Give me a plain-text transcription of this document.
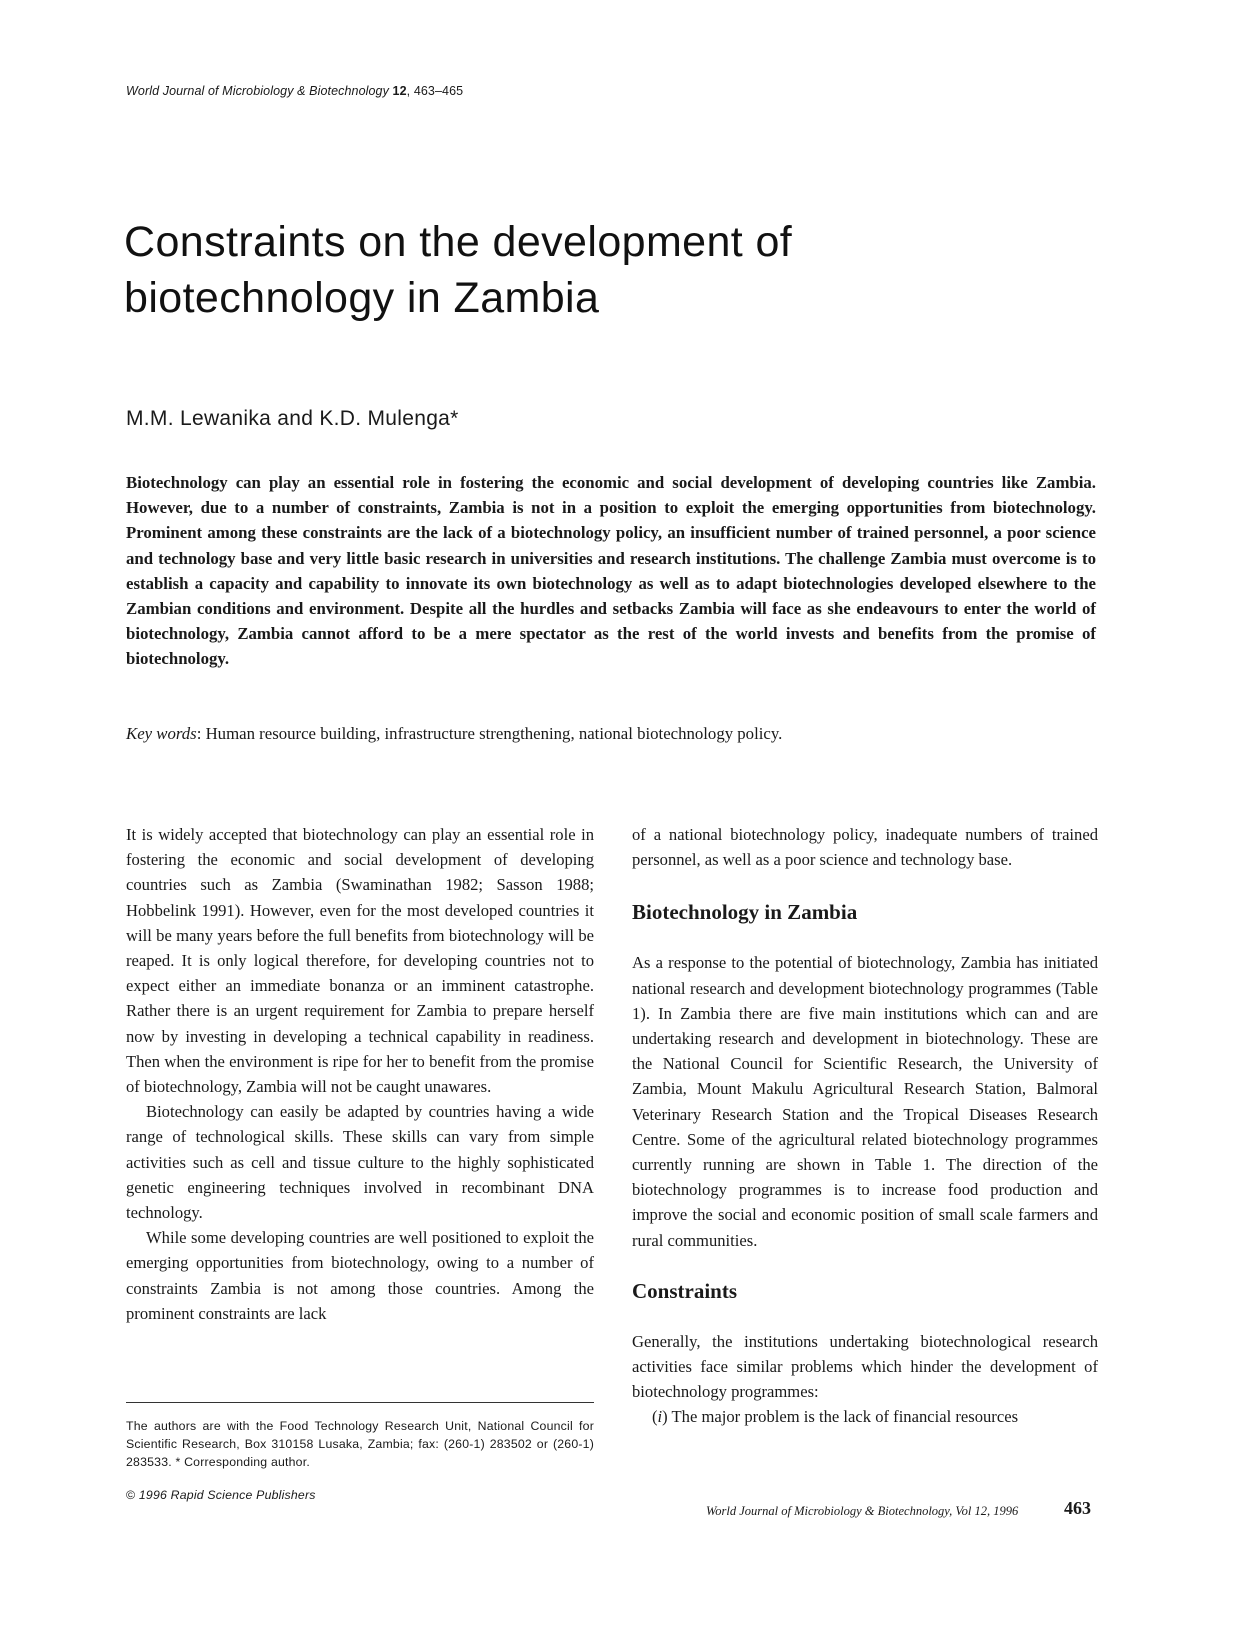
World Journal of Microbiology & Biotechnology 12, 463–465
Constraints on the development of
biotechnology in Zambia
M.M. Lewanika and K.D. Mulenga*

Biotechnology can play an essential role in fostering the economic and social development of developing countries like Zambia. However, due to a number of constraints, Zambia is not in a position to exploit the emerging opportunities from biotechnology. Prominent among these constraints are the lack of a biotechnology policy, an insufficient number of trained personnel, a poor science and technology base and very little basic research in universities and research institutions. The challenge Zambia must overcome is to establish a capacity and capability to innovate its own biotechnology as well as to adapt biotechnologies developed elsewhere to the Zambian conditions and environment. Despite all the hurdles and setbacks Zambia will face as she endeavours to enter the world of biotechnology, Zambia cannot afford to be a mere spectator as the rest of the world invests and benefits from the promise of biotechnology.

Key words: Human resource building, infrastructure strengthening, national biotechnology policy.

It is widely accepted that biotechnology can play an essential role in fostering the economic and social development of developing countries such as Zambia (Swaminathan 1982; Sasson 1988; Hobbelink 1991). However, even for the most developed countries it will be many years before the full benefits from biotechnology will be reaped. It is only logical therefore, for developing countries not to expect either an immediate bonanza or an imminent catastrophe. Rather there is an urgent requirement for Zambia to prepare herself now by investing in developing a technical capability in readiness. Then when the environment is ripe for her to benefit from the promise of biotechnology, Zambia will not be caught unawares.

Biotechnology can easily be adapted by countries having a wide range of technological skills. These skills can vary from simple activities such as cell and tissue culture to the highly sophisticated genetic engineering techniques involved in recombinant DNA technology.

While some developing countries are well positioned to exploit the emerging opportunities from biotechnology, owing to a number of constraints Zambia is not among those countries. Among the prominent constraints are lack

of a national biotechnology policy, inadequate numbers of trained personnel, as well as a poor science and technology base.

Biotechnology in Zambia

As a response to the potential of biotechnology, Zambia has initiated national research and development biotechnology programmes (Table 1). In Zambia there are five main institutions which can and are undertaking research and development in biotechnology. These are the National Council for Scientific Research, the University of Zambia, Mount Makulu Agricultural Research Station, Balmoral Veterinary Research Station and the Tropical Diseases Research Centre. Some of the agricultural related biotechnology programmes currently running are shown in Table 1. The direction of the biotechnology programmes is to increase food production and improve the social and economic position of small scale farmers and rural communities.

Constraints

Generally, the institutions undertaking biotechnological research activities face similar problems which hinder the development of biotechnology programmes:

(i) The major problem is the lack of financial resources

The authors are with the Food Technology Research Unit, National Council for Scientific Research, Box 310158 Lusaka, Zambia; fax: (260-1) 283502 or (260-1) 283533. * Corresponding author.

© 1996 Rapid Science Publishers
World Journal of Microbiology & Biotechnology, Vol 12, 1996	463
